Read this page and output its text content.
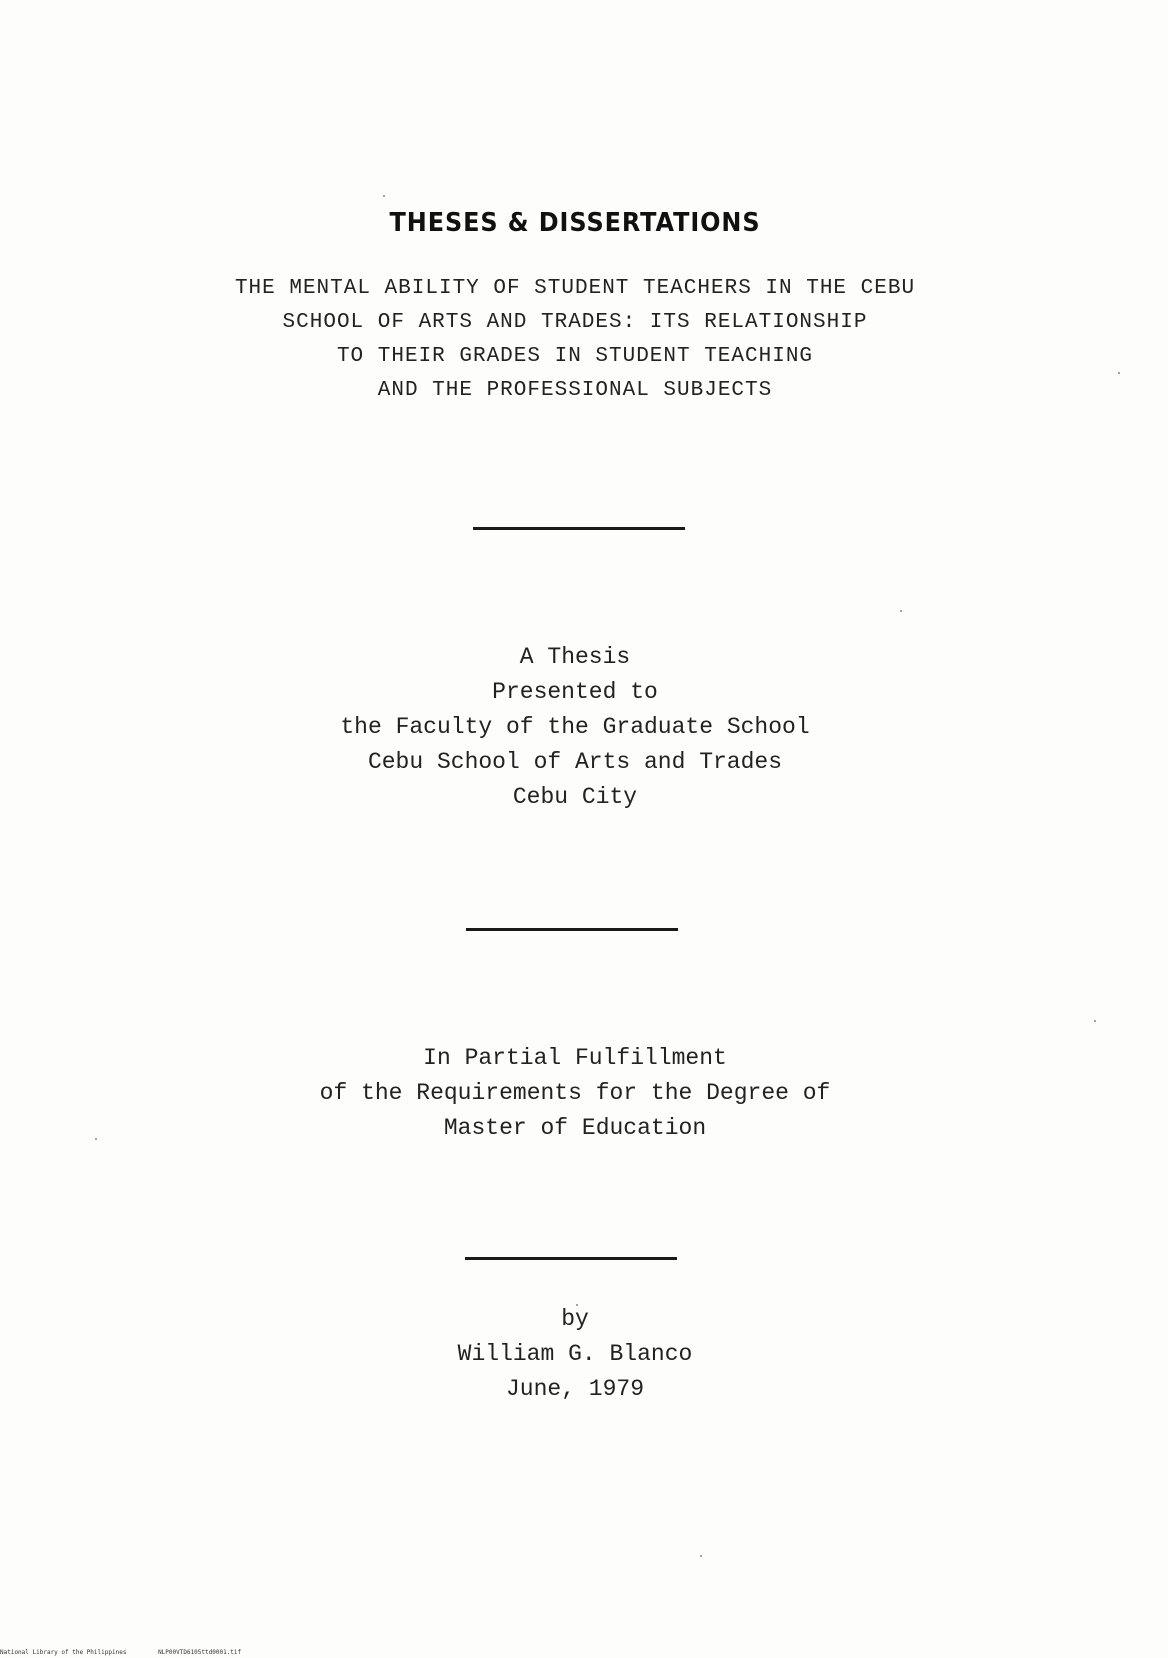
THESES & DISSERTATIONS
THE MENTAL ABILITY OF STUDENT TEACHERS IN THE CEBU
SCHOOL OF ARTS AND TRADES: ITS RELATIONSHIP
TO THEIR GRADES IN STUDENT TEACHING
AND THE PROFESSIONAL SUBJECTS
A Thesis
Presented to
the Faculty of the Graduate School
Cebu School of Arts and Trades
Cebu City
In Partial Fulfillment
of the Requirements for the Degree of
Master of Education
by
William G. Blanco
June, 1979
National Library of the Philippines	NLP00VTD6105ttd0001.tif
